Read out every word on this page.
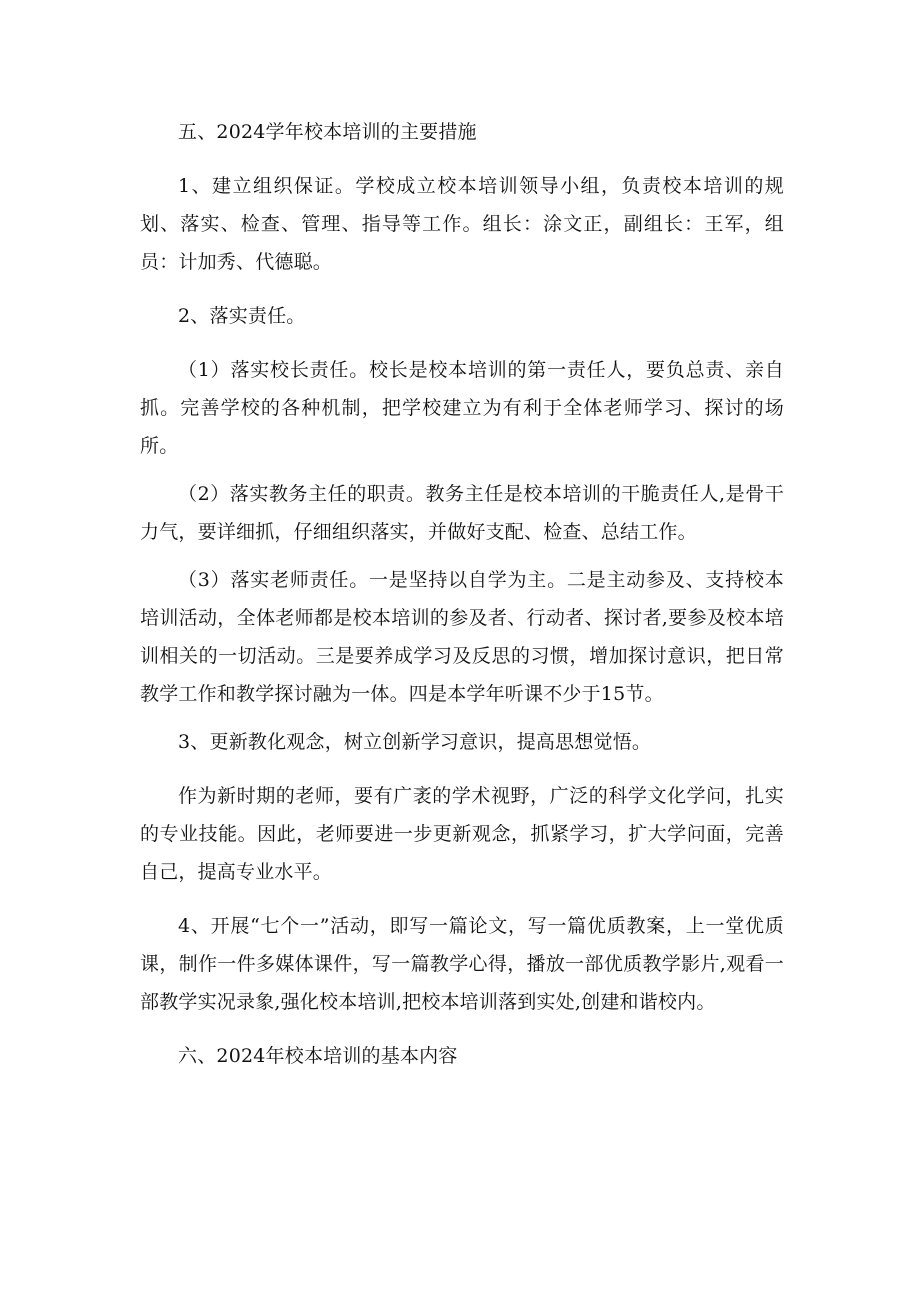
五、2024学年校本培训的主要措施

1、建立组织保证。学校成立校本培训领导小组，负责校本培训的规划、落实、检查、管理、指导等工作。组长：涂文正，副组长：王军，组员：计加秀、代德聪。

2、落实责任。

（1）落实校长责任。校长是校本培训的第一责任人，要负总责、亲自抓。完善学校的各种机制，把学校建立为有利于全体老师学习、探讨的场所。

（2）落实教务主任的职责。教务主任是校本培训的干脆责任人,是骨干力气，要详细抓，仔细组织落实，并做好支配、检查、总结工作。

（3）落实老师责任。一是坚持以自学为主。二是主动参及、支持校本培训活动，全体老师都是校本培训的参及者、行动者、探讨者,要参及校本培训相关的一切活动。三是要养成学习及反思的习惯，增加探讨意识，把日常教学工作和教学探讨融为一体。四是本学年听课不少于15节。

3、更新教化观念，树立创新学习意识，提高思想觉悟。

作为新时期的老师，要有广袤的学术视野，广泛的科学文化学问，扎实的专业技能。因此，老师要进一步更新观念，抓紧学习，扩大学问面，完善自己，提高专业水平。

4、开展“七个一”活动，即写一篇论文，写一篇优质教案，上一堂优质课，制作一件多媒体课件，写一篇教学心得，播放一部优质教学影片,观看一部教学实况录象,强化校本培训,把校本培训落到实处,创建和谐校内。

六、2024年校本培训的基本内容
